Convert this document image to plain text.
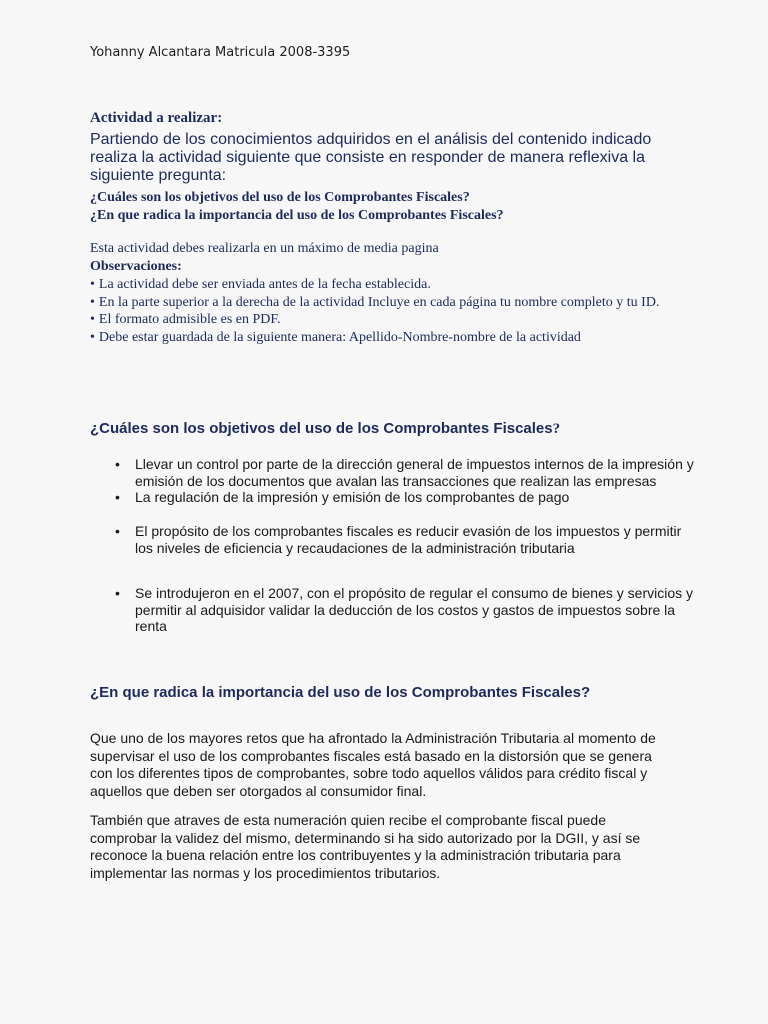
Yohanny Alcantara Matricula 2008-3395
Actividad a realizar:
Partiendo de los conocimientos adquiridos en el análisis del contenido indicado realiza la actividad siguiente que consiste en responder de manera reflexiva la siguiente pregunta:
¿Cuáles son los objetivos del uso de los Comprobantes Fiscales?
¿En que radica la importancia del uso de los Comprobantes Fiscales?
Esta actividad debes realizarla en un máximo de media pagina
Observaciones:
• La actividad debe ser enviada antes de la fecha establecida.
• En la parte superior a la derecha de la actividad Incluye en cada página tu nombre completo y tu ID.
• El formato admisible es en PDF.
• Debe estar guardada de la siguiente manera: Apellido-Nombre-nombre de la actividad
¿Cuáles son los objetivos del uso de los Comprobantes Fiscales?
• Llevar un control por parte de la dirección general de impuestos internos de la impresión y emisión de los documentos que avalan las transacciones que realizan las empresas
• La regulación de la impresión y emisión de los comprobantes de pago
• El propósito de los comprobantes fiscales es reducir evasión de los impuestos y permitir los niveles de eficiencia y recaudaciones de la administración tributaria
• Se introdujeron en el 2007, con el propósito de regular el consumo de bienes y servicios y permitir al adquisidor validar la deducción de los costos y gastos de impuestos sobre la renta
¿En que radica la importancia del uso de los Comprobantes Fiscales?
Que uno de los mayores retos que ha afrontado la Administración Tributaria al momento de supervisar el uso de los comprobantes fiscales está basado en la distorsión que se genera con los diferentes tipos de comprobantes, sobre todo aquellos válidos para crédito fiscal y aquellos que deben ser otorgados al consumidor final.
También que atraves de esta numeración quien recibe el comprobante fiscal puede comprobar la validez del mismo, determinando si ha sido autorizado por la DGII, y así se reconoce la buena relación entre los contribuyentes y la administración tributaria para implementar las normas y los procedimientos tributarios.
